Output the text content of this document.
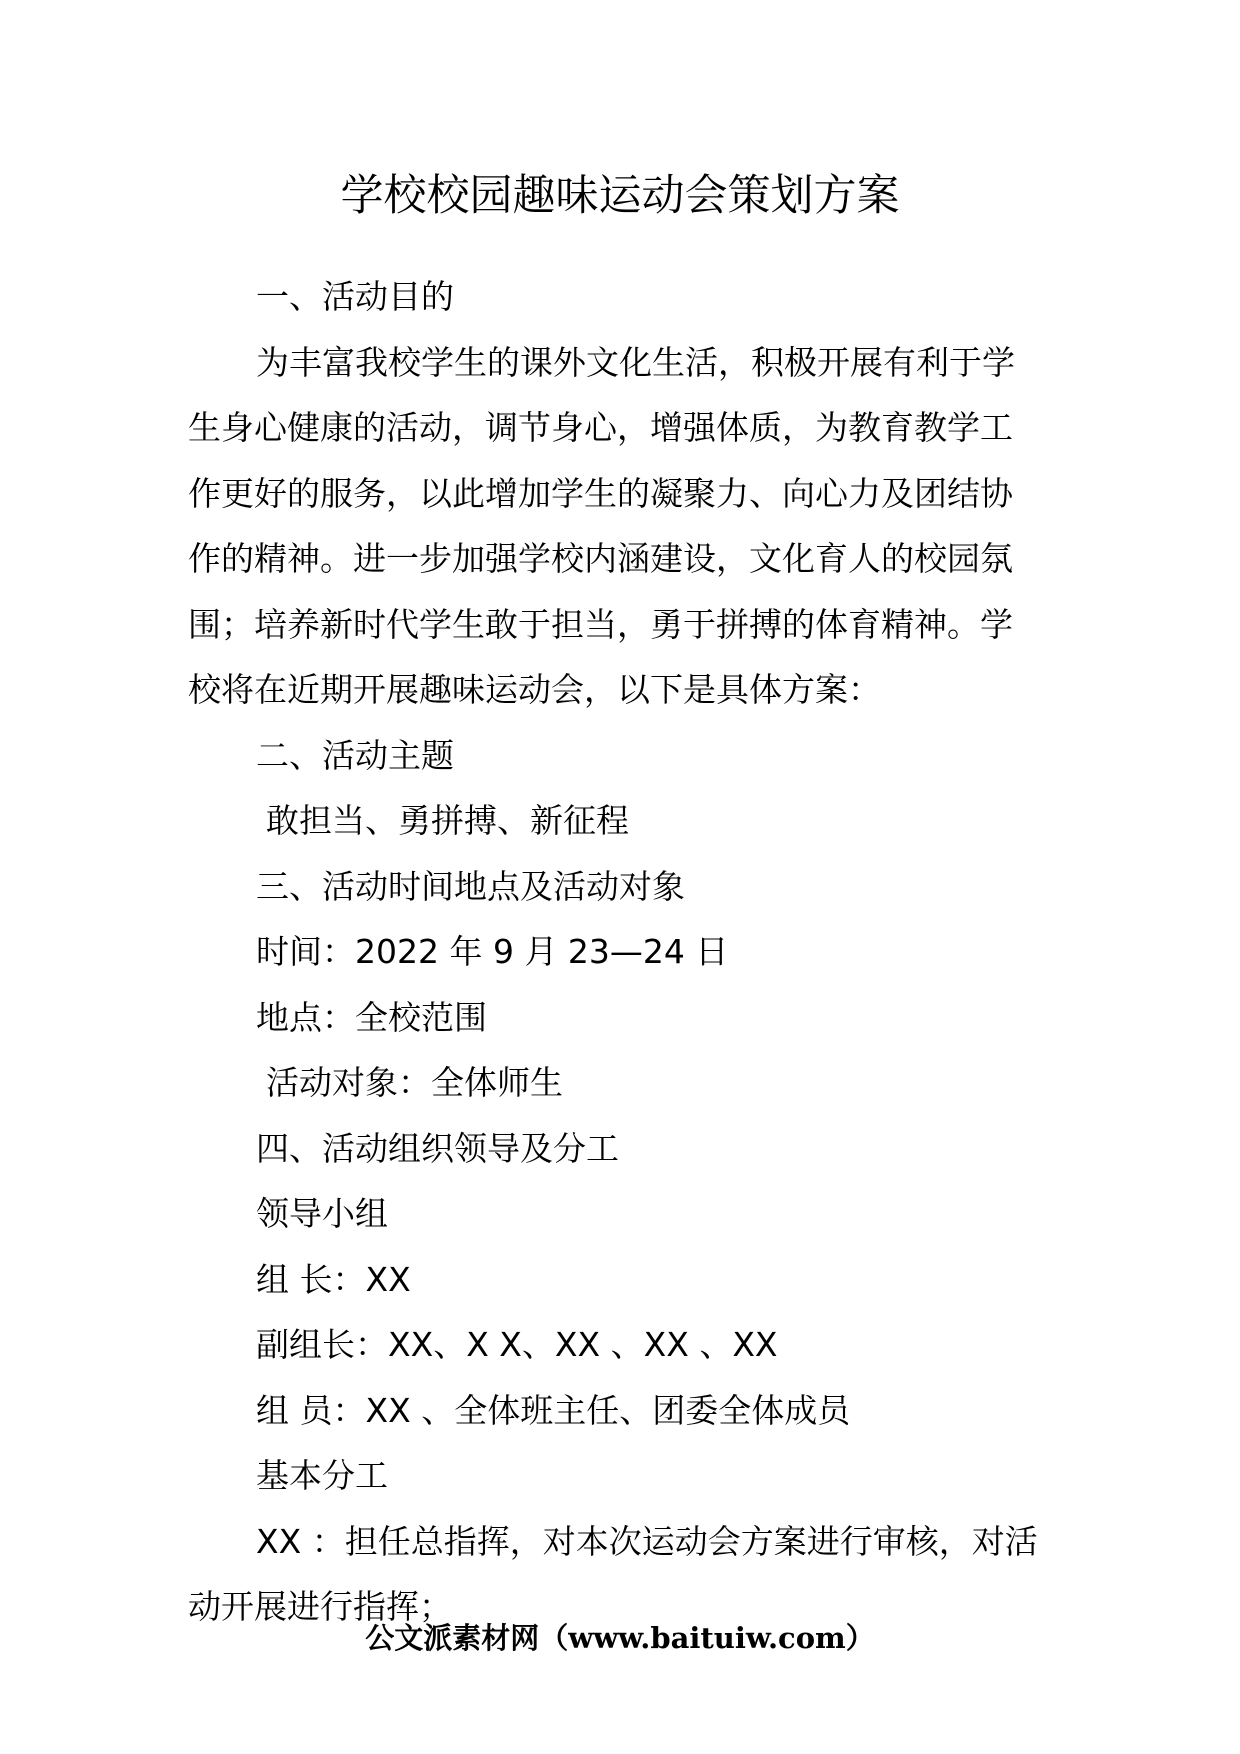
学校校园趣味运动会策划方案

一、活动目的

为丰富我校学生的课外文化生活，积极开展有利于学
生身心健康的活动，调节身心，增强体质，为教育教学工
作更好的服务，以此增加学生的凝聚力、向心力及团结协
作的精神。进一步加强学校内涵建设，文化育人的校园氛
围；培养新时代学生敢于担当，勇于拼搏的体育精神。学
校将在近期开展趣味运动会，以下是具体方案：

二、活动主题

敢担当、勇拼搏、新征程

三、活动时间地点及活动对象

时间：2022 年 9 月 23—24 日

地点：全校范围

活动对象：全体师生

四、活动组织领导及分工

领导小组

组 长：XX

副组长：XX、X X、XX 、XX 、XX

组 员：XX 、全体班主任、团委全体成员

基本分工

XX ：担任总指挥，对本次运动会方案进行审核，对活
动开展进行指挥；
公文派素材网（www.baituiw.com）
